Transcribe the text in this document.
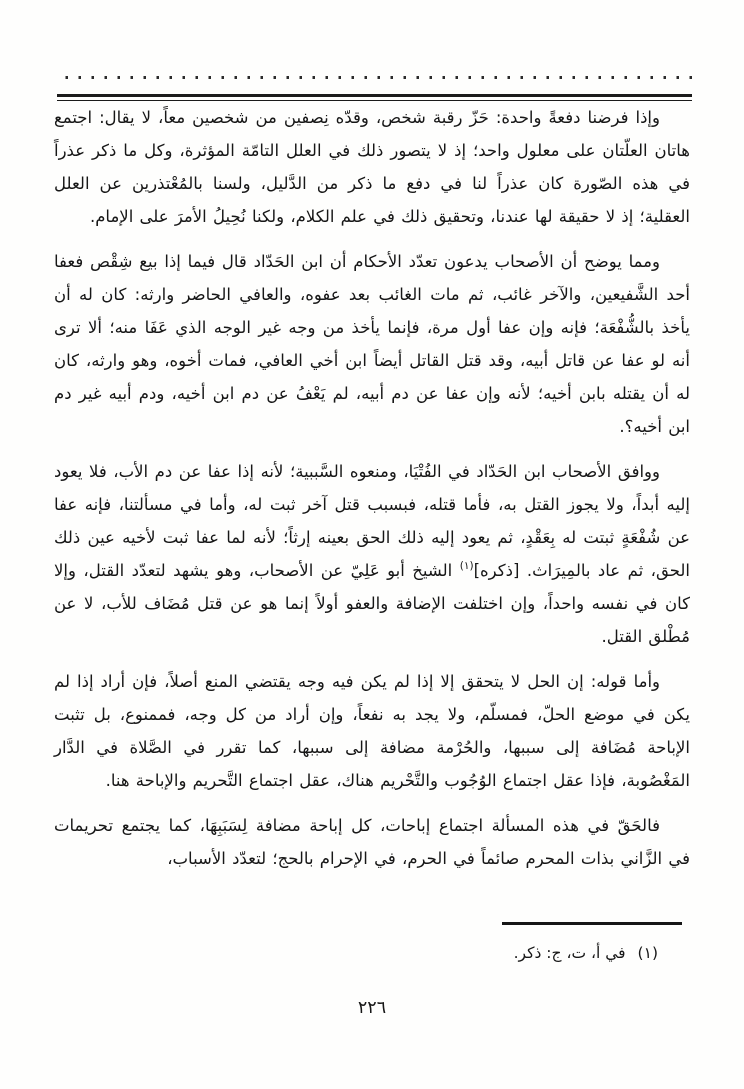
وإذا فرضنا دفعةً واحدة: حَزّ رقبة شخص، وقدّه نِصفين من شخصين معاً، لا يقال: اجتمع هاتان العلّتان على معلول واحد؛ إذ لا يتصور ذلك في العلل التامّة المؤثرة، وكل ما ذكر عذراً في هذه الصّورة كان عذراً لنا في دفع ما ذكر من الدَّليل، ولسنا بالمُعْتذرين عن العلل العقلية؛ إذ لا حقيقة لها عندنا، وتحقيق ذلك في علم الكلام، ولكنا نُحِيلُ الأمرَ على الإمام.

ومما يوضح أن الأصحاب يدعون تعدّد الأحكام أن ابن الحَدّاد قال فيما إذا بيع شِقْص فعفا أحد الشَّفيعين، والآخر غائب، ثم مات الغائب بعد عفوه، والعافي الحاضر وارثه: كان له أن يأخذ بالشُّفْعَة؛ فإنه وإن عفا أول مرة، فإنما يأخذ من وجه غير الوجه الذي عَفَا منه؛ ألا ترى أنه لو عفا عن قاتل أبيه، وقد قتل القاتل أيضاً ابن أخي العافي، فمات أخوه، وهو وارثه، كان له أن يقتله بابن أخيه؛ لأنه وإن عفا عن دم أبيه، لم يَعْفُ عن دم ابن أخيه، ودم أبيه غير دم ابن أخيه؟.

ووافق الأصحاب ابن الحَدّاد في الفُتْيَا، ومنعوه السَّببية؛ لأنه إذا عفا عن دم الأب، فلا يعود إليه أبداً، ولا يجوز القتل به، فأما قتله، فبسبب قتل آخر ثبت له، وأما في مسألتنا، فإنه عفا عن شُفْعَةٍ ثبتت له بِعَقْدٍ، ثم يعود إليه ذلك الحق بعينه إرثاً؛ لأنه لما عفا ثبت لأخيه عين ذلك الحق، ثم عاد بالمِيرَاث. [ذكره]$^{(١)}$ الشيخ أبو عَلِيّ عن الأصحاب، وهو يشهد لتعدّد القتل، وإلا كان في نفسه واحداً، وإن اختلفت الإضافة والعفو أولاً إنما هو عن قتل مُضَاف للأب، لا عن مُطْلق القتل.

وأما قوله: إن الحل لا يتحقق إلا إذا لم يكن فيه وجه يقتضي المنع أصلاً، فإن أراد إذا لم يكن في موضع الحلّ، فمسلّم، ولا يجد به نفعاً، وإن أراد من كل وجه، فممنوع، بل تثبت الإباحة مُضَافة إلى سببها، والحُرْمة مضافة إلى سببها، كما تقرر في الصَّلاة في الدَّار المَغْصُوبة، فإذا عقل اجتماع الوُجُوب والتَّحْريم هناك، عقل اجتماع التَّحريم والإباحة هنا.

فالحَقّ في هذه المسألة اجتماع إباحات، كل إباحة مضافة لِسَبَبِهَا، كما يجتمع تحريمات في الزَّاني بذات المحرم صائماً في الحرم، في الإحرام بالحج؛ لتعدّد الأسباب،

(١)في أ، ت، ج: ذكر.
٢٢٦
